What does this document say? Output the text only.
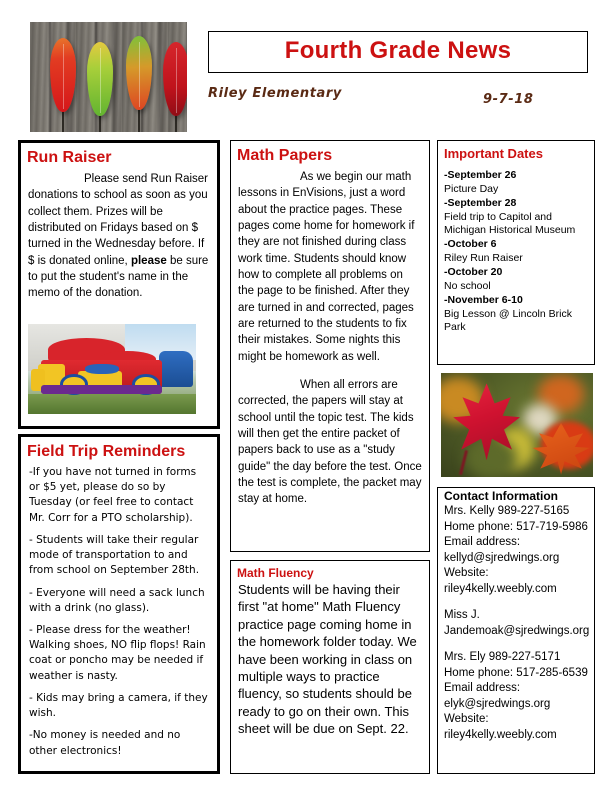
Fourth Grade News
Riley Elementary	9-7-18
Run Raiser
Please send Run Raiser donations to school as soon as you collect them. Prizes will be distributed on Fridays based on $ turned in the Wednesday before. If $ is donated online, please be sure to put the student's name in the memo of the donation.
Field Trip Reminders

-If you have not turned in forms or $5 yet, please do so by Tuesday (or feel free to contact Mr. Corr for a PTO scholarship).

- Students will take their regular mode of transportation to and from school on September 28th.

- Everyone will need a sack lunch with a drink (no glass).

- Please dress for the weather! Walking shoes, NO flip flops! Rain coat or poncho may be needed if weather is nasty.

- Kids may bring a camera, if they wish.

-No money is needed and no other electronics!

Math Papers
As we begin our math lessons in EnVisions, just a word about the practice pages. These pages come home for homework if they are not finished during class work time. Students should know how to complete all problems on the page to be finished. After they are turned in and corrected, pages are returned to the students to fix their mistakes. Some nights this might be homework as well.
When all errors are corrected, the papers will stay at school until the topic test. The kids will then get the entire packet of papers back to use as a "study guide" the day before the test. Once the test is complete, the packet may stay at home.
Math Fluency
Students will be having their first "at home" Math Fluency practice page coming home in the homework folder today. We have been working in class on multiple ways to practice fluency, so students should be ready to go on their own. This sheet will be due on Sept. 22.
Important Dates
-September 26
Picture Day
-September 28
Field trip to Capitol and Michigan Historical Museum
-October 6
Riley Run Raiser
-October 20
No school
-November 6-10
Big Lesson @ Lincoln Brick Park
Contact Information
Mrs. Kelly 989-227-5165
Home phone: 517-719-5986
Email address:
kellyd@sjredwings.org
Website:
riley4kelly.weebly.com
Miss J.
Jandemoak@sjredwings.org
Mrs. Ely 989-227-5171
Home phone: 517-285-6539
Email address:
elyk@sjredwings.org
Website:
riley4kelly.weebly.com
